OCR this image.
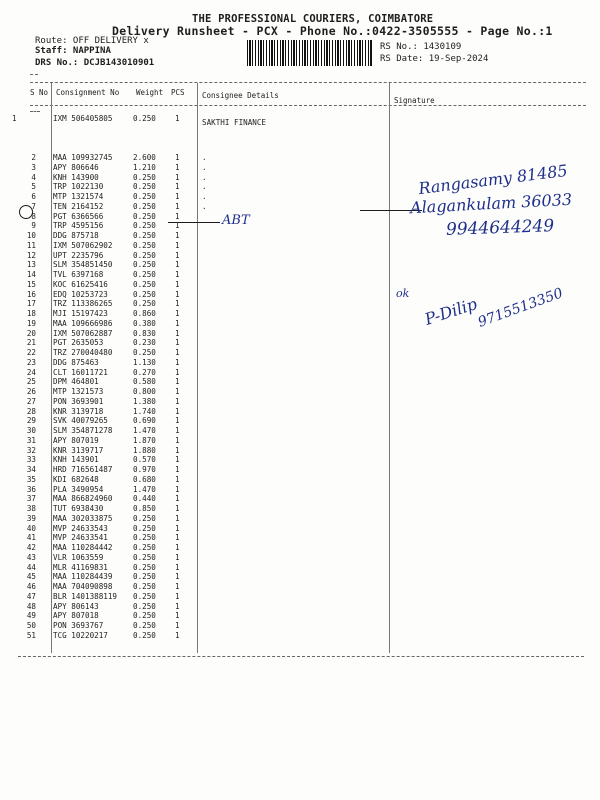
THE PROFESSIONAL COURIERS, COIMBATORE
Delivery Runsheet - PCX - Phone No.:0422-3505555 - Page No.:1
Route: OFF DELIVERY x
Staff: NAPPINA
DRS No.: DCJB143010901
RS No.: 1430109
RS Date: 19-Sep-2024
S No Consignment No Weight PCS Consignee Details
Signature
1	IXM 506405805	0.250	1	SAKTHI FINANCE
2 MAA 109932745	2.600	1	.
3 APY 806646	1.210	1	.
4 KNH 143900	0.250	1	.
5 TRP 1022130	0.250	1	.
6 MTP 1321574	0.250	1	.
7 TEN 2164152	0.250	1	.
8 PGT 6366566	0.250	1
9 TRP 4595156	0.250	1
10 DDG 875718	0.250	1
11 IXM 507062902	0.250	1
12 UPT 2235796	0.250	1
13 SLM 354851450	0.250	1
14 TVL 6397168	0.250	1
15 KOC 61625416	0.250	1
16 EDQ 10253723	0.250	1
17 TRZ 113386265	0.250	1
18 MJI 15197423	0.860	1
19 MAA 109666986	0.380	1
20 IXM 507062887	0.830	1
21 PGT 2635053	0.230	1
22 TRZ 270040480	0.250	1
23 DDG 875463	1.130	1
24 CLT 16011721	0.270	1
25 DPM 464801	0.580	1
26 MTP 1321573	0.800	1
27 PON 3693901	1.380	1
28 KNR 3139718	1.740	1
29 SVK 40079265	0.690	1
30 SLM 354871278	1.470	1
31 APY 807019	1.870	1
32 KNR 3139717	1.880	1
33 KNH 143901	0.570	1
34 HRD 716561487	0.970	1
35 KDI 682648	0.680	1
36 PLA 3490954	1.470	1
37 MAA 866824960	0.440	1
38 TUT 6938430	0.850	1
39 MAA 302033875	0.250	1
40 MVP 24633543	0.250	1
41 MVP 24633541	0.250	1
42 MAA 110284442	0.250	1
43 VLR 1063559	0.250	1
44 MLR 41169831	0.250	1
45 MAA 110284439	0.250	1
46 MAA 704090898	0.250	1
47 BLR 1401388119 0.250	1
48 APY 806143	0.250	1
49 APY 807018	0.250	1
50 PON 3693767	0.250	1
51 TCG 10220217	0.250	1
ABT
Rangasamy 81485
Alagankulam 36033
9944644249
ok
P-Dilip
9715513350
